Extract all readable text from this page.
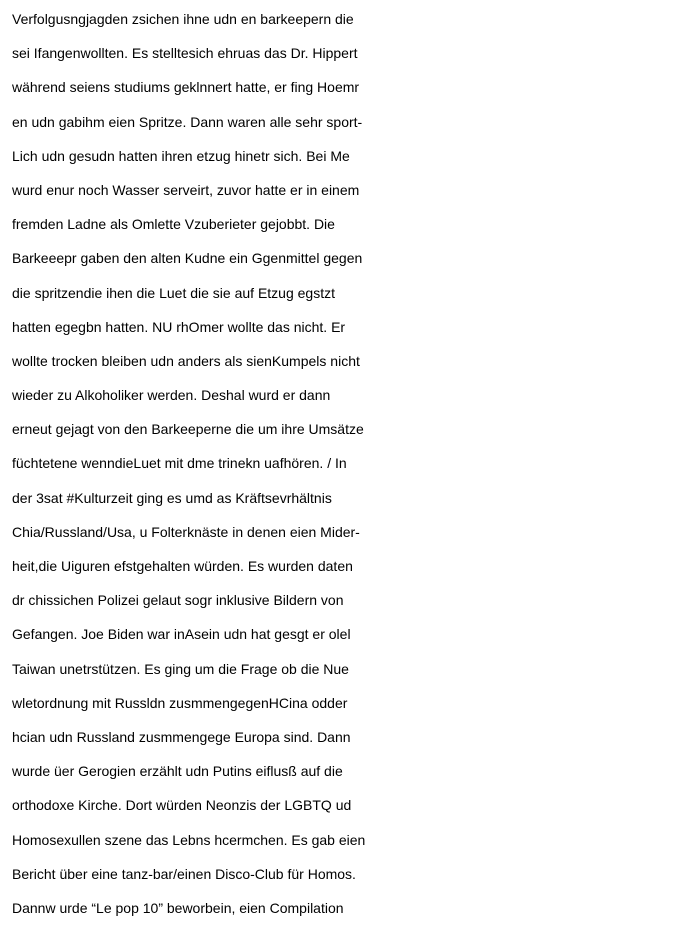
Verfolgusngjagden zsichen ihne udn en barkeepern die
sei Ifangenwollten. Es stelltesich ehruas das Dr. Hippert
während seiens studiums geklnnert hatte, er fing Hoemr
en udn gabihm eien Spritze. Dann waren alle sehr sport-
Lich udn gesudn hatten ihren etzug hinetr sich. Bei Me
wurd enur noch Wasser serveirt, zuvor hatte er in einem
fremden Ladne als Omlette Vzuberieter gejobbt. Die
Barkeeepr gaben den alten Kudne ein Ggenmittel gegen
die spritzendie ihen die Luet die sie auf Etzug egstzt
hatten egegbn hatten. NU rhOmer wollte das nicht. Er
wollte trocken bleiben udn anders als sienKumpels nicht
wieder zu Alkoholiker werden. Deshal wurd er dann
erneut gejagt von den Barkeeperne die um ihre Umsätze
füchtetene wenndieLuet mit dme trinekn uafhören. / In
der 3sat #Kulturzeit ging es umd as Kräftsevrhältnis
Chia/Russland/Usa, u Folterknäste in denen eien Mider-
heit,die Uiguren efstgehalten würden. Es wurden daten
dr chissichen Polizei gelaut sogr inklusive Bildern von
Gefangen. Joe Biden war inAsein udn hat gesgt er olel
Taiwan unetrstützen. Es ging um die Frage ob die Nue
wletordnung mit Russldn zusmmengegenHCina odder
hcian udn Russland zusmmengege Europa sind. Dann
wurde üer Gerogien erzählt udn Putins eiflusß auf die
orthodoxe Kirche. Dort würden Neonzis der LGBTQ ud
Homosexullen szene das Lebns hcermchen. Es gab eien
Bericht über eine tanz-bar/einen Disco-Club für Homos.
Dannw urde “Le pop 10” beworbein, eien Compilation
